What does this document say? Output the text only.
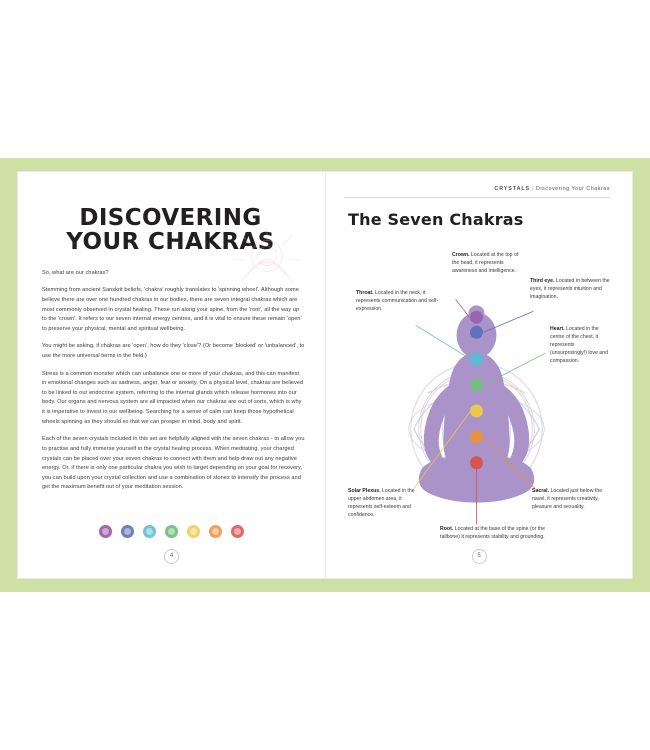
DISCOVERING YOUR CHAKRAS

So, what are our chakras?

Stemming from ancient Sanskrit beliefs, 'chakra' roughly translates to 'spinning wheel'. Although some believe there are over one hundred chakras in our bodies, there are seven integral chakras which are most commonly observed in crystal healing. These run along your spine, from the 'root', all the way up to the 'crown'. It refers to our seven internal energy centres, and it is vital to ensure these remain 'open' to preserve your physical, mental and spiritual wellbeing.

You might be asking, if chakras are 'open', how do they 'close'? (Or become 'blocked' or 'unbalanced', to use the more universal terms in the field.)

Stress is a common monster which can unbalance one or more of your chakras, and this can manifest in emotional changes such as sadness, anger, fear or anxiety. On a physical level, chakras are believed to be linked to our endocrine system, referring to the internal glands which release hormones into our body. Our organs and nervous system are all impacted when our chakras are out of sorts, which is why it is imperative to invest in our wellbeing. Searching for a sense of calm can keep those hypothetical wheels spinning as they should so that we can prosper in mind, body and spirit.

Each of the seven crystals included in this set are helpfully aligned with the seven chakras - to allow you to practise and fully immerse yourself in the crystal healing process. When meditating, your charged crystals can be placed over your seven chakras to connect with them and help draw out any negative energy. Or, if there is only one particular chakra you wish to target depending on your goal for recovery, you can build upon your crystal collection and use a combination of stones to intensify the process and get the maximum benefit out of your meditation session.

4
CRYSTALS | Discovering Your Chakras
The Seven Chakras
Crown. Located at the top of the head, it represents awareness and intelligence.
Third eye. Located in between the eyes, it represents intuition and imagination.
Throat. Located in the neck, it represents communication and self-expression.
Heart. Located in the centre of the chest, it represents (unsurprisingly!) love and compassion.
Solar Plexus. Located in the upper abdomen area, it represents self-esteem and confidence.
Sacral. Located just below the navel, it represents creativity, pleasure and sexuality.
Root. Located at the base of the spine (or the tailbone) it represents stability and grounding.
5
